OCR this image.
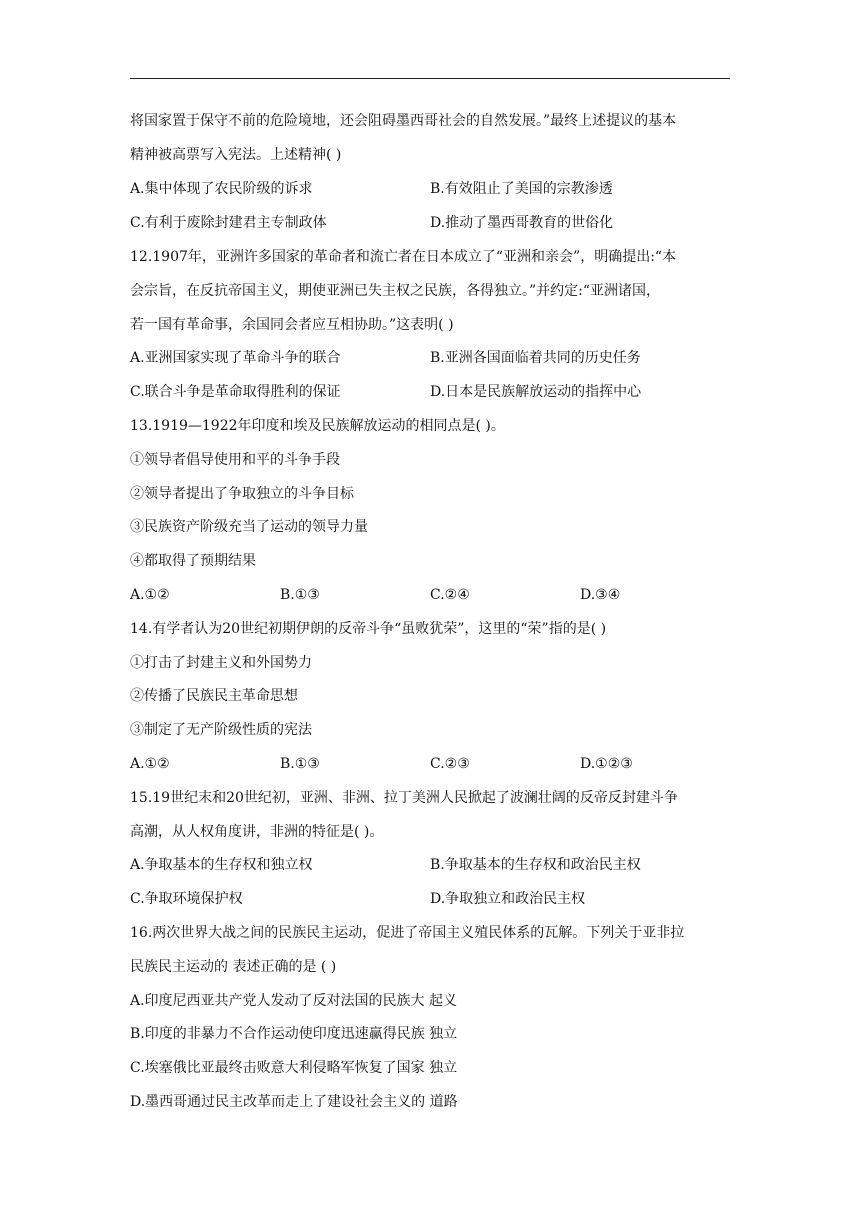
将国家置于保守不前的危险境地，还会阻碍墨西哥社会的自然发展。”最终上述提议的基本
精神被高票写入宪法。上述精神( )
A.集中体现了农民阶级的诉求	B.有效阻止了美国的宗教渗透
C.有利于废除封建君主专制政体	D.推动了墨西哥教育的世俗化
12.1907年，亚洲许多国家的革命者和流亡者在日本成立了“亚洲和亲会”，明确提出:“本
会宗旨，在反抗帝国主义，期使亚洲已失主权之民族，各得独立。”并约定:“亚洲诸国，
若一国有革命事，余国同会者应互相协助。”这表明( )
A.亚洲国家实现了革命斗争的联合	B.亚洲各国面临着共同的历史任务
C.联合斗争是革命取得胜利的保证	D.日本是民族解放运动的指挥中心
13.1919—1922年印度和埃及民族解放运动的相同点是( )。
①领导者倡导使用和平的斗争手段
②领导者提出了争取独立的斗争目标
③民族资产阶级充当了运动的领导力量
④都取得了预期结果
A.①②	B.①③	C.②④	D.③④
14.有学者认为20世纪初期伊朗的反帝斗争“虽败犹荣”，这里的“荣”指的是( )
①打击了封建主义和外国势力
②传播了民族民主革命思想
③制定了无产阶级性质的宪法
A.①②	B.①③	C.②③	D.①②③
15.19世纪末和20世纪初，亚洲、非洲、拉丁美洲人民掀起了波澜壮阔的反帝反封建斗争
高潮，从人权角度讲，非洲的特征是( )。
A.争取基本的生存权和独立权	B.争取基本的生存权和政治民主权
C.争取环境保护权	D.争取独立和政治民主权
16.两次世界大战之间的民族民主运动，促进了帝国主义殖民体系的瓦解。下列关于亚非拉
民族民主运动的 表述正确的是 ( )
A.印度尼西亚共产党人发动了反对法国的民族大 起义
B.印度的非暴力不合作运动使印度迅速赢得民族 独立
C.埃塞俄比亚最终击败意大利侵略军恢复了国家 独立
D.墨西哥通过民主改革而走上了建设社会主义的 道路
